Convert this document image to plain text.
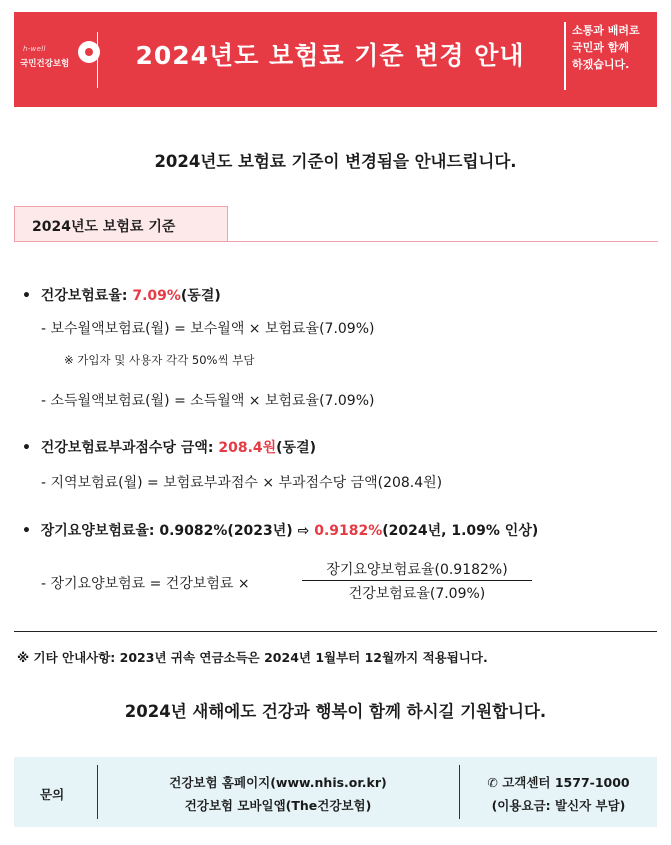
h-well
국민건강보험	2024년도 보험료 기준 변경 안내
소통과 배려로
국민과 함께
하겠습니다.
2024년도 보험료 기준이 변경됨을 안내드립니다.
2024년도 보험료 기준
•  건강보험료율: 7.09%(동결)
- 보수월액보험료(월) = 보수월액 × 보험료율(7.09%)
※ 가입자 및 사용자 각각 50%씩 부담
- 소득월액보험료(월) = 소득월액 × 보험료율(7.09%)
•  건강보험료부과점수당 금액: 208.4원(동결)
- 지역보험료(월) = 보험료부과점수 × 부과점수당 금액(208.4원)
•  장기요양보험료율: 0.9082%(2023년) ⇨ 0.9182%(2024년, 1.09% 인상)
- 장기요양보험료 = 건강보험료 ×
장기요양보험료율(0.9182%)
건강보험료율(7.09%)
※ 기타 안내사항: 2023년 귀속 연금소득은 2024년 1월부터 12월까지 적용됩니다.
2024년 새해에도 건강과 행복이 함께 하시길 기원합니다.
문의
건강보험 홈페이지(www.nhis.or.kr)
건강보험 모바일앱(The건강보험)
✆ 고객센터 1577-1000
(이용요금: 발신자 부담)
